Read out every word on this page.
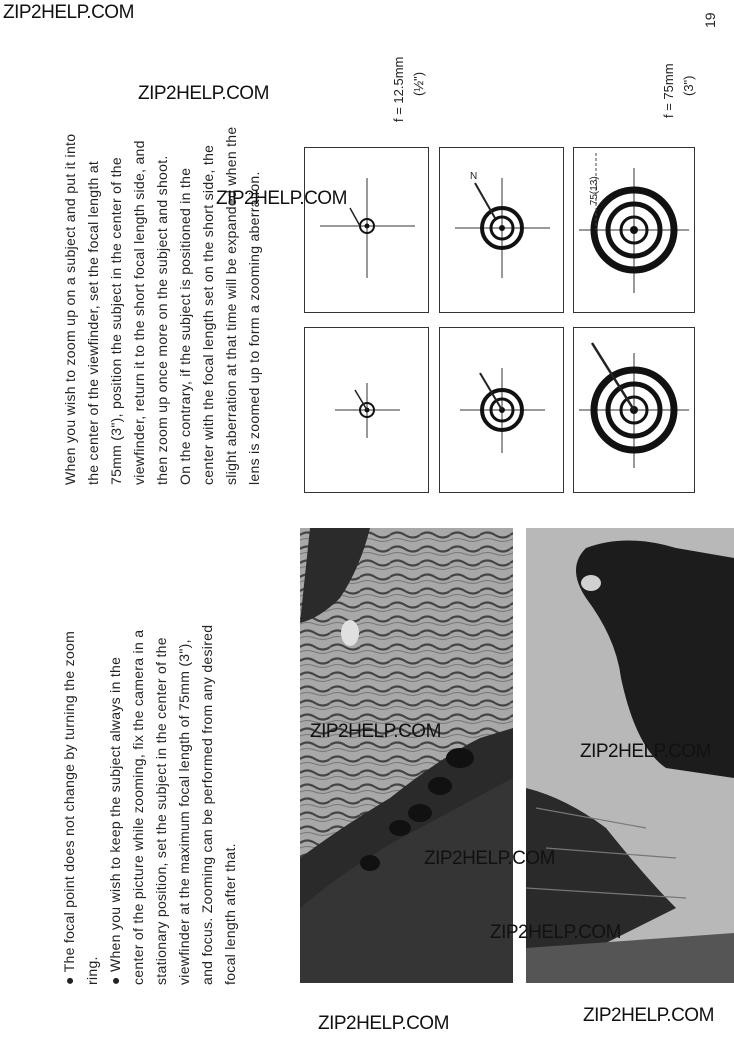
19
● The focal point does not change by turning the zoom ring. ● When you wish to keep the subject always in the center of the picture while zooming, fix the camera in a stationary position, set the subject in the center of the viewfinder at the maximum focal length of 75mm (3"), and focus. Zooming can be performed from any desired focal length after that.
When you wish to zoom up on a subject and put it into the center of the viewfinder, set the focal length at 75mm (3"), position the subject in the center of the viewfinder, return it to the short focal length side, and then zoom up once more on the subject and shoot. On the contrary, if the subject is positioned in the center with the focal length set on the short side, the slight aberration at that time will be expanded when the lens is zoomed up to form a zooming aberration.	N	← 75(13)
f = 12.5mm (½")	f = 75mm (3")
ZIP2HELP.COM
ZIP2HELP.COM
ZIP2HELP.COM
ZIP2HELP.COM
ZIP2HELP.COM
ZIP2HELP.COM
ZIP2HELP.COM
ZIP2HELP.COM	ZIP2HELP.COM
